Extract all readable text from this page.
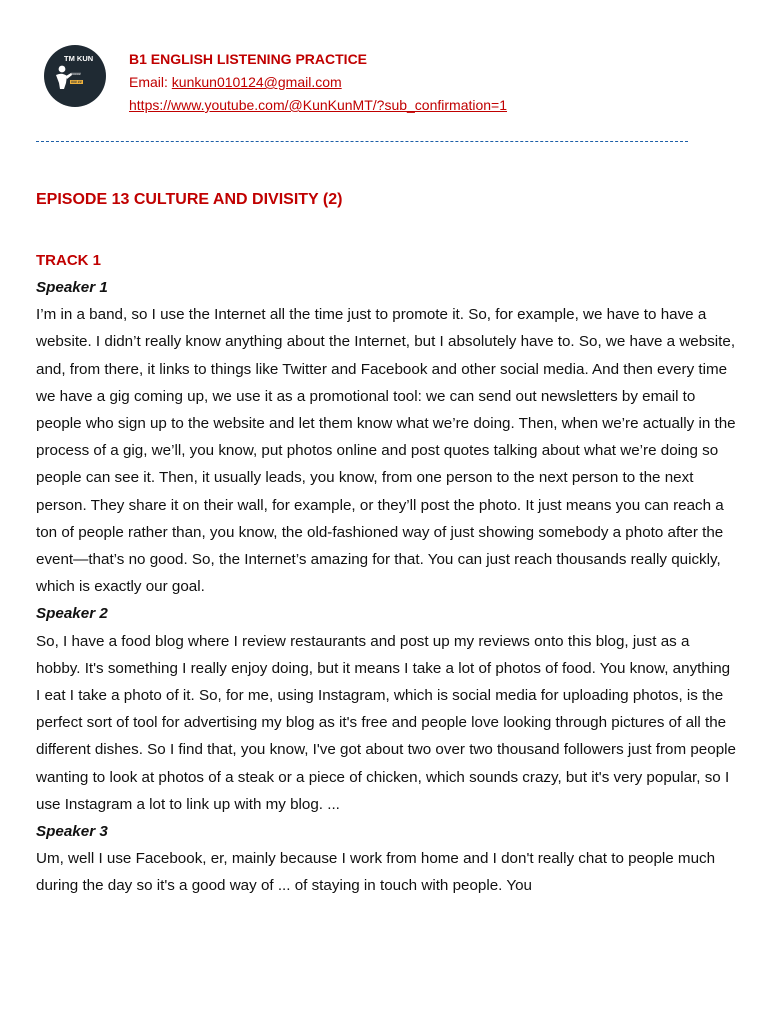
TM KUN
#####
### ##
B1 ENGLISH LISTENING PRACTICE
Email: kunkun010124@gmail.com
https://www.youtube.com/@KunKunMT/?sub_confirmation=1
EPISODE 13 CULTURE AND DIVISITY (2)
TRACK 1
Speaker 1

I’m in a band, so I use the Internet all the time just to promote it. So, for example, we have to have a website. I didn’t really know anything about the Internet, but I absolutely have to. So, we have a website, and, from there, it links to things like Twitter and Facebook and other social media. And then every time we have a gig coming up, we use it as a promotional tool: we can send out newsletters by email to people who sign up to the website and let them know what we’re doing. Then, when we’re actually in the process of a gig, we’ll, you know, put photos online and post quotes talking about what we’re doing so people can see it. Then, it usually leads, you know, from one person to the next person to the next person. They share it on their wall, for example, or they’ll post the photo. It just means you can reach a ton of people rather than, you know, the old-fashioned way of just showing somebody a photo after the event—that’s no good. So, the Internet’s amazing for that. You can just reach thousands really quickly, which is exactly our goal.

Speaker 2

So, I have a food blog where I review restaurants and post up my reviews onto this blog, just as a hobby. It's something I really enjoy doing, but it means I take a lot of photos of food. You know, anything I eat I take a photo of it. So, for me, using Instagram, which is social media for uploading photos, is the perfect sort of tool for advertising my blog as it's free and people love looking through pictures of all the different dishes. So I find that, you know, I've got about two over two thousand followers just from people wanting to look at photos of a steak or a piece of chicken, which sounds crazy, but it's very popular, so I use Instagram a lot to link up with my blog. ...

Speaker 3

Um, well I use Facebook, er, mainly because I work from home and I don't really chat to people much during the day so it's a good way of ... of staying in touch with people. You
